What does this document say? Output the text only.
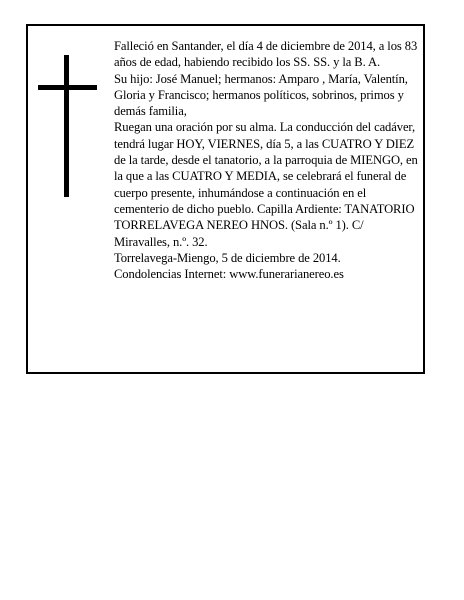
Falleció en Santander, el día 4 de diciembre de 2014, a los 83 años de edad, habiendo recibido los SS. SS. y la B. A.

Su hijo: José Manuel; hermanos: Amparo , María, Valentín, Gloria y Francisco; hermanos políticos, sobrinos, primos y demás familia,

Ruegan una oración por su alma. La conducción del cadáver, tendrá lugar HOY, VIERNES, día 5, a las CUATRO Y DIEZ de la tarde, desde el tanatorio, a la parroquia de MIENGO, en la que a las CUATRO Y MEDIA, se celebrará el funeral de cuerpo presente, inhumándose a continuación en el cementerio de dicho pueblo. Capilla Ardiente: TANATORIO TORRELAVEGA NEREO HNOS. (Sala n.º 1). C/ Miravalles, n.º. 32.

Torrelavega-Miengo, 5 de diciembre de 2014.

Condolencias Internet: www.funerarianereo.es
